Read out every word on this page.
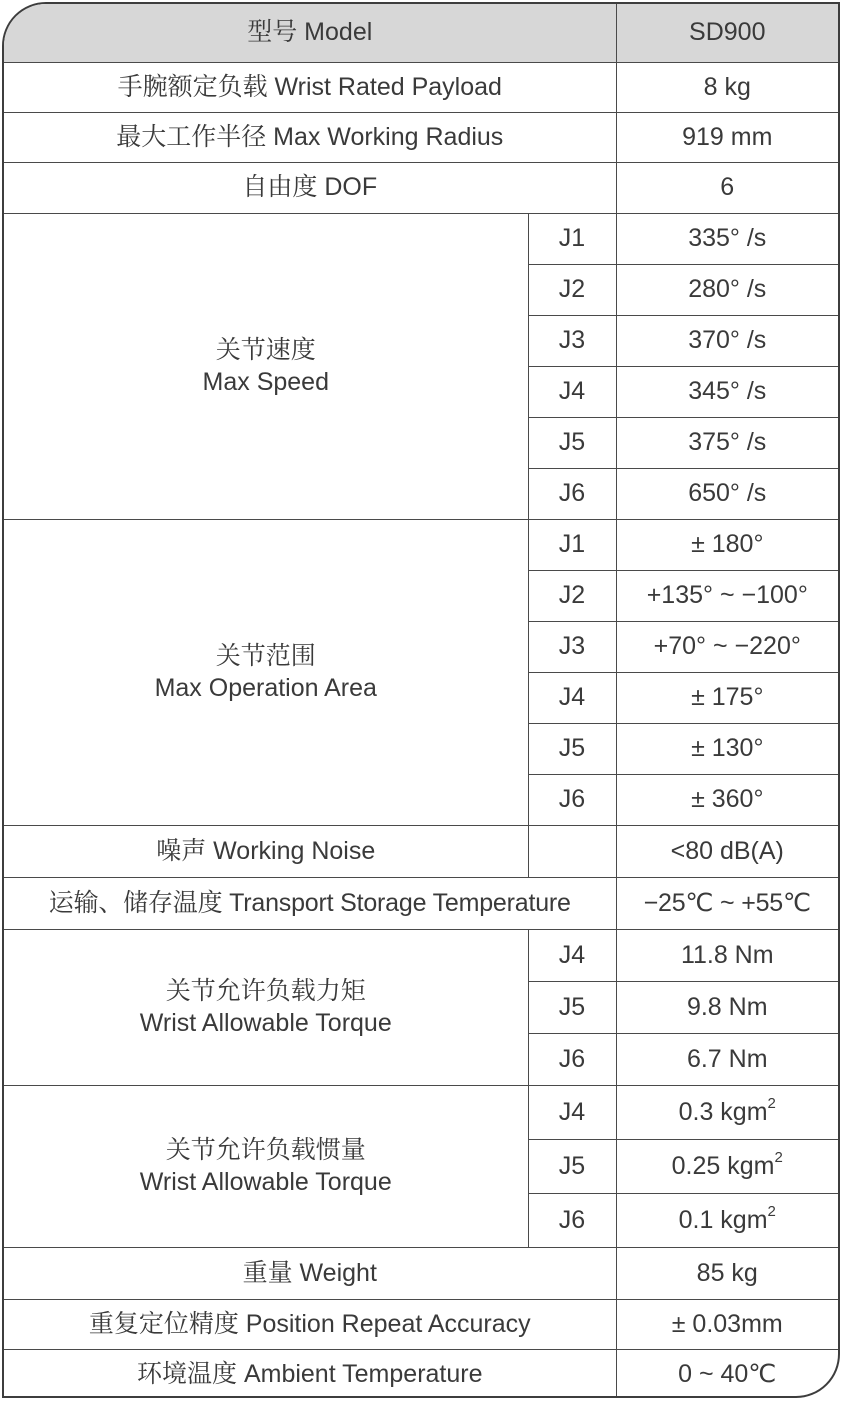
型号 Model		SD900
手腕额定负载 Wrist Rated Payload		8 kg
最大工作半径 Max Working Radius		919 mm
自由度 DOF		6

关节速度
Max Speed	J1	335° /s
	J2	280° /s
	J3	370° /s
	J4	345° /s
	J5	375° /s
	J6	650° /s

关节范围
Max Operation Area	J1	± 180°
	J2	+135° ~ −100°
	J3	+70° ~ −220°
	J4	± 175°
	J5	± 130°
	J6	± 360°
噪声 Working Noise		<80 dB(A)
运输、储存温度 Transport Storage Temperature		−25℃ ~ +55℃

关节允许负载力矩
Wrist Allowable Torque	J4	11.8 Nm
	J5	9.8 Nm
	J6	6.7 Nm

关节允许负载惯量
Wrist Allowable Torque	J4	0.3 kgm$^2$
	J5	0.25 kgm$^2$
	J6	0.1 kgm$^2$
重量 Weight		85 kg
重复定位精度 Position Repeat Accuracy		± 0.03mm
环境温度 Ambient Temperature		0 ~ 40℃
